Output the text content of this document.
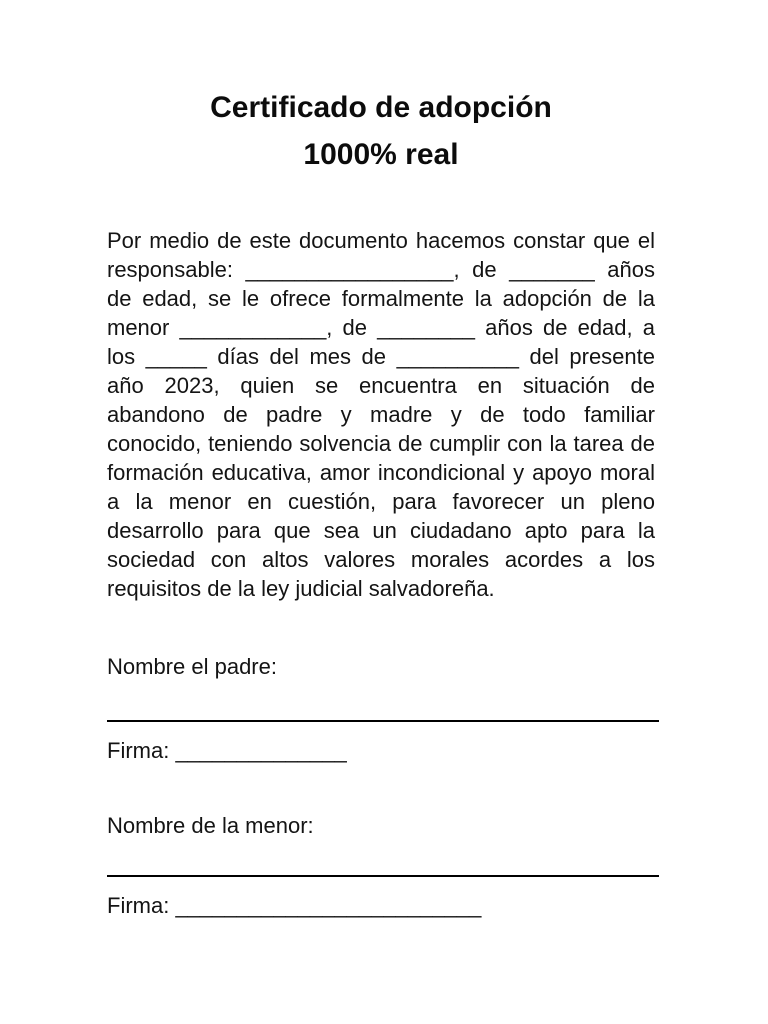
Certificado de adopción
1000% real

Por medio de este documento hacemos constar que el responsable: _________________, de _______ años de edad, se le ofrece formalmente la adopción de la menor ____________, de ________ años de edad, a los _____ días del mes de __________ del presente año 2023, quien se encuentra en situación de abandono de padre y madre y de todo familiar conocido, teniendo solvencia de cumplir con la tarea de formación educativa, amor incondicional y apoyo moral a la menor en cuestión, para favorecer un pleno desarrollo para que sea un ciudadano apto para la sociedad con altos valores morales acordes a los requisitos de la ley judicial salvadoreña.

Nombre el padre:
Firma: ______________
Nombre de la menor:
Firma: _________________________
